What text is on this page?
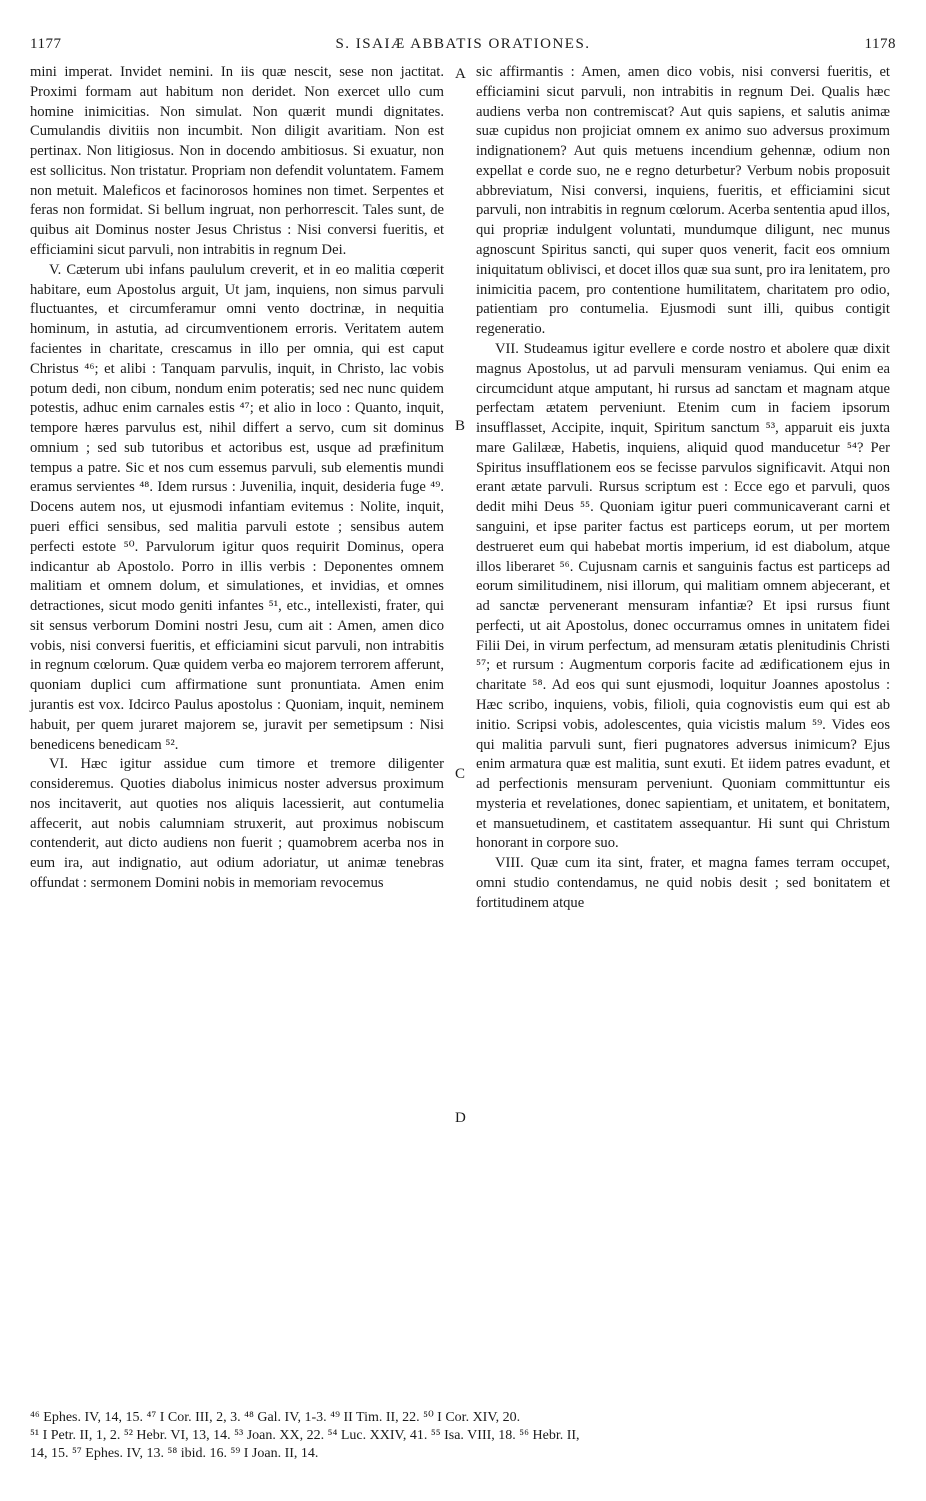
1177	S. ISAIÆ ABBATIS ORATIONES.	1178

mini imperat. Invidet nemini. In iis quæ nescit, sese non jactitat. Proximi formam aut habitum non deridet. Non exercet ullo cum homine inimicitias. Non simulat. Non quærit mundi dignitates. Cumulandis divitiis non incumbit. Non diligit avaritiam. Non est pertinax. Non litigiosus. Non in docendo ambitiosus. Si exuatur, non est sollicitus. Non tristatur. Propriam non defendit voluntatem. Famem non metuit. Maleficos et facinorosos homines non timet. Serpentes et feras non formidat. Si bellum ingruat, non perhorrescit. Tales sunt, de quibus ait Dominus noster Jesus Christus : Nisi conversi fueritis, et efficiamini sicut parvuli, non intrabitis in regnum Dei.

V. Cæterum ubi infans paululum creverit, et in eo malitia cœperit habitare, eum Apostolus arguit, Ut jam, inquiens, non simus parvuli fluctuantes, et circumferamur omni vento doctrinæ, in nequitia hominum, in astutia, ad circumventionem erroris. Veritatem autem facientes in charitate, crescamus in illo per omnia, qui est caput Christus ⁴⁶; et alibi : Tanquam parvulis, inquit, in Christo, lac vobis potum dedi, non cibum, nondum enim poteratis; sed nec nunc quidem potestis, adhuc enim carnales estis ⁴⁷; et alio in loco : Quanto, inquit, tempore hæres parvulus est, nihil differt a servo, cum sit dominus omnium ; sed sub tutoribus et actoribus est, usque ad præfinitum tempus a patre. Sic et nos cum essemus parvuli, sub elementis mundi eramus servientes ⁴⁸. Idem rursus : Juvenilia, inquit, desideria fuge ⁴⁹. Docens autem nos, ut ejusmodi infantiam evitemus : Nolite, inquit, pueri effici sensibus, sed malitia parvuli estote ; sensibus autem perfecti estote ⁵⁰. Parvulorum igitur quos requirit Dominus, opera indicantur ab Apostolo. Porro in illis verbis : Deponentes omnem malitiam et omnem dolum, et simulationes, et invidias, et omnes detractiones, sicut modo geniti infantes ⁵¹, etc., intellexisti, frater, qui sit sensus verborum Domini nostri Jesu, cum ait : Amen, amen dico vobis, nisi conversi fueritis, et efficiamini sicut parvuli, non intrabitis in regnum cœlorum. Quæ quidem verba eo majorem terrorem afferunt, quoniam duplici cum affirmatione sunt pronuntiata. Amen enim jurantis est vox. Idcirco Paulus apostolus : Quoniam, inquit, neminem habuit, per quem juraret majorem se, juravit per semetipsum : Nisi benedicens benedicam ⁵².

VI. Hæc igitur assidue cum timore et tremore diligenter consideremus. Quoties diabolus inimicus noster adversus proximum nos incitaverit, aut quoties nos aliquis lacessierit, aut contumelia affecerit, aut nobis calumniam struxerit, aut proximus nobiscum contenderit, aut dicto audiens non fuerit ; quamobrem acerba nos in eum ira, aut indignatio, aut odium adoriatur, ut animæ tenebras offundat : sermonem Domini nobis in memoriam revocemus

A
B
C
D

sic affirmantis : Amen, amen dico vobis, nisi conversi fueritis, et efficiamini sicut parvuli, non intrabitis in regnum Dei. Qualis hæc audiens verba non contremiscat? Aut quis sapiens, et salutis animæ suæ cupidus non projiciat omnem ex animo suo adversus proximum indignationem? Aut quis metuens incendium gehennæ, odium non expellat e corde suo, ne e regno deturbetur? Verbum nobis proposuit abbreviatum, Nisi conversi, inquiens, fueritis, et efficiamini sicut parvuli, non intrabitis in regnum cœlorum. Acerba sententia apud illos, qui propriæ indulgent voluntati, mundumque diligunt, nec munus agnoscunt Spiritus sancti, qui super quos venerit, facit eos omnium iniquitatum oblivisci, et docet illos quæ sua sunt, pro ira lenitatem, pro inimicitia pacem, pro contentione humilitatem, charitatem pro odio, patientiam pro contumelia. Ejusmodi sunt illi, quibus contigit regeneratio.

VII. Studeamus igitur evellere e corde nostro et abolere quæ dixit magnus Apostolus, ut ad parvuli mensuram veniamus. Qui enim ea circumcidunt atque amputant, hi rursus ad sanctam et magnam atque perfectam ætatem perveniunt. Etenim cum in faciem ipsorum insufflasset, Accipite, inquit, Spiritum sanctum ⁵³, apparuit eis juxta mare Galilææ, Habetis, inquiens, aliquid quod manducetur ⁵⁴? Per Spiritus insufflationem eos se fecisse parvulos significavit. Atqui non erant ætate parvuli. Rursus scriptum est : Ecce ego et parvuli, quos dedit mihi Deus ⁵⁵. Quoniam igitur pueri communicaverant carni et sanguini, et ipse pariter factus est particeps eorum, ut per mortem destrueret eum qui habebat mortis imperium, id est diabolum, atque illos liberaret ⁵⁶. Cujusnam carnis et sanguinis factus est particeps ad eorum similitudinem, nisi illorum, qui malitiam omnem abjecerant, et ad sanctæ pervenerant mensuram infantiæ? Et ipsi rursus fiunt perfecti, ut ait Apostolus, donec occurramus omnes in unitatem fidei Filii Dei, in virum perfectum, ad mensuram ætatis plenitudinis Christi ⁵⁷; et rursum : Augmentum corporis facite ad ædificationem ejus in charitate ⁵⁸. Ad eos qui sunt ejusmodi, loquitur Joannes apostolus : Hæc scribo, inquiens, vobis, filioli, quia cognovistis eum qui est ab initio. Scripsi vobis, adolescentes, quia vicistis malum ⁵⁹. Vides eos qui malitia parvuli sunt, fieri pugnatores adversus inimicum? Ejus enim armatura quæ est malitia, sunt exuti. Et iidem patres evadunt, et ad perfectionis mensuram perveniunt. Quoniam committuntur eis mysteria et revelationes, donec sapientiam, et unitatem, et bonitatem, et mansuetudinem, et castitatem assequantur. Hi sunt qui Christum honorant in corpore suo.

VIII. Quæ cum ita sint, frater, et magna fames terram occupet, omni studio contendamus, ne quid nobis desit ; sed bonitatem et fortitudinem atque

⁴⁶ Ephes. IV, 14, 15. ⁴⁷ I Cor. III, 2, 3. ⁴⁸ Gal. IV, 1-3. ⁴⁹ II Tim. II, 22. ⁵⁰ I Cor. XIV, 20.
⁵¹ I Petr. II, 1, 2. ⁵² Hebr. VI, 13, 14. ⁵³ Joan. XX, 22. ⁵⁴ Luc. XXIV, 41. ⁵⁵ Isa. VIII, 18. ⁵⁶ Hebr. II,
14, 15. ⁵⁷ Ephes. IV, 13. ⁵⁸ ibid. 16. ⁵⁹ I Joan. II, 14.
